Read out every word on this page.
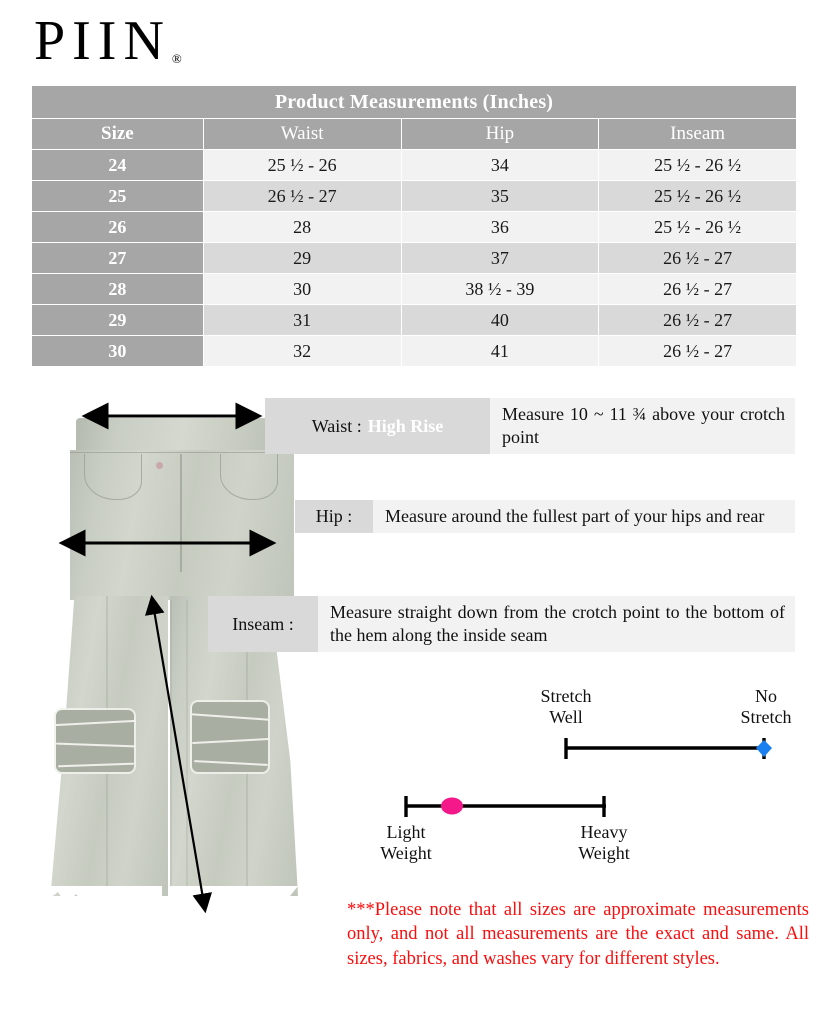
PIIN ®
Product Measurements (Inches)
Size	Waist	Hip	Inseam
24	25 ½ - 26	34	25 ½ - 26 ½
25	26 ½ - 27	35	25 ½ - 26 ½
26	28	36	25 ½ - 26 ½
27	29	37	26 ½ - 27
28	30	38 ½ - 39	26 ½ - 27
29	31	40	26 ½ - 27
30	32	41	26 ½ - 27
Waist : High Rise
Measure 10 ~ 11 ¾ above your crotch point
Hip :	Measure around the fullest part of your hips and rear
Inseam :
Measure straight down from the crotch point to the bottom of the hem along the inside seam
Stretch
Well
No
Stretch
Light
Weight
Heavy
Weight
***Please note that all sizes are approximate measurements only, and not all measurements are the exact and same. All sizes, fabrics, and washes vary for different styles.
